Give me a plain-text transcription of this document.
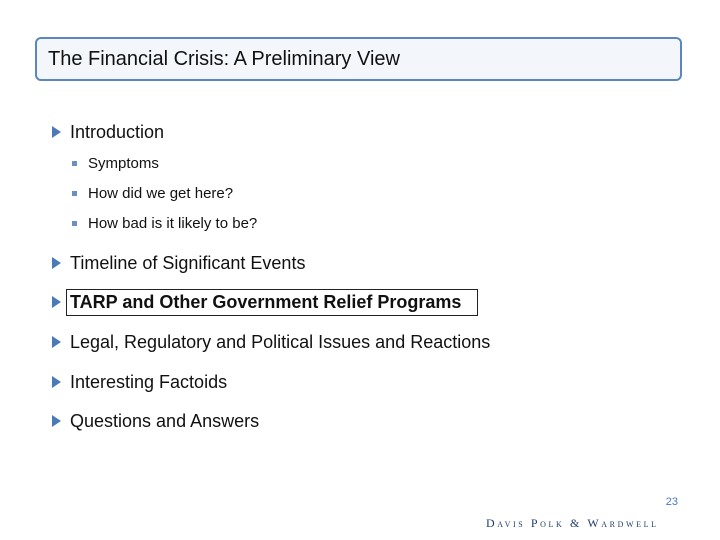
The Financial Crisis: A Preliminary View
Introduction
Symptoms
How did we get here?
How bad is it likely to be?
Timeline of Significant Events
TARP and Other Government Relief Programs
Legal, Regulatory and Political Issues and Reactions
Interesting Factoids
Questions and Answers
23
Davis Polk & Wardwell
